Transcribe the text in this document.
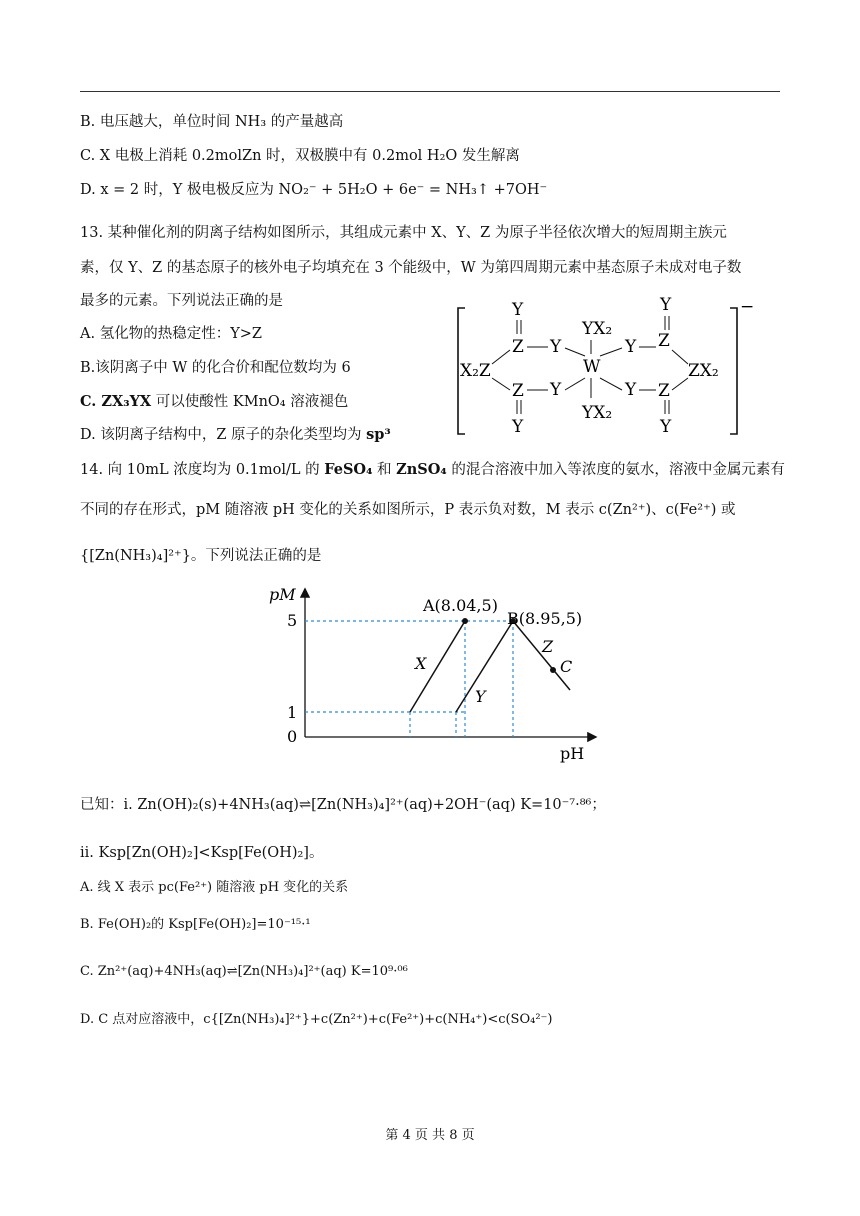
B. 电压越大，单位时间 NH₃ 的产量越高
C. X 电极上消耗 0.2molZn 时，双极膜中有 0.2mol H₂O 发生解离
D. x = 2 时，Y 极电极反应为 NO₂⁻ + 5H₂O + 6e⁻ = NH₃↑ +7OH⁻
13. 某种催化剂的阴离子结构如图所示，其组成元素中 X、Y、Z 为原子半径依次增大的短周期主族元
素，仅 Y、Z 的基态原子的核外电子均填充在 3 个能级中，W 为第四周期元素中基态原子未成对电子数
最多的元素。下列说法正确的是
A. 氢化物的热稳定性：Y>Z
B.该阴离子中 W 的化合价和配位数均为 6
C. ZX₃YX 可以使酸性 KMnO₄ 溶液褪色
D. 该阴离子结构中，Z 原子的杂化类型均为 sp³
−
Y
Z Y
YX₂
W
YX₂
Y Z
Y
X₂Z	ZX₂
Z Y
Y
Y Z
Y
14. 向 10mL 浓度均为 0.1mol/L 的 FeSO₄ 和 ZnSO₄ 的混合溶液中加入等浓度的氨水，溶液中金属元素有
不同的存在形式，pM 随溶液 pH 变化的关系如图所示，P 表示负对数，M 表示 c(Zn²⁺)、c(Fe²⁺) 或
{[Zn(NH₃)₄]²⁺}。下列说法正确的是
pM
pH
5
1
0
A(8.04,5)
B(8.95,5)
C
X
Y
Z
已知：i. Zn(OH)₂(s)+4NH₃(aq)⇌[Zn(NH₃)₄]²⁺(aq)+2OH⁻(aq) K=10⁻⁷·⁸⁶；
ii. Ksp[Zn(OH)₂]<Ksp[Fe(OH)₂]。
A. 线 X 表示 pc(Fe²⁺) 随溶液 pH 变化的关系
B. Fe(OH)₂的 Ksp[Fe(OH)₂]=10⁻¹⁵·¹
C. Zn²⁺(aq)+4NH₃(aq)⇌[Zn(NH₃)₄]²⁺(aq) K=10⁹·⁰⁶
D. C 点对应溶液中，c{[Zn(NH₃)₄]²⁺}+c(Zn²⁺)+c(Fe²⁺)+c(NH₄⁺)<c(SO₄²⁻)
第 4 页 共 8 页
